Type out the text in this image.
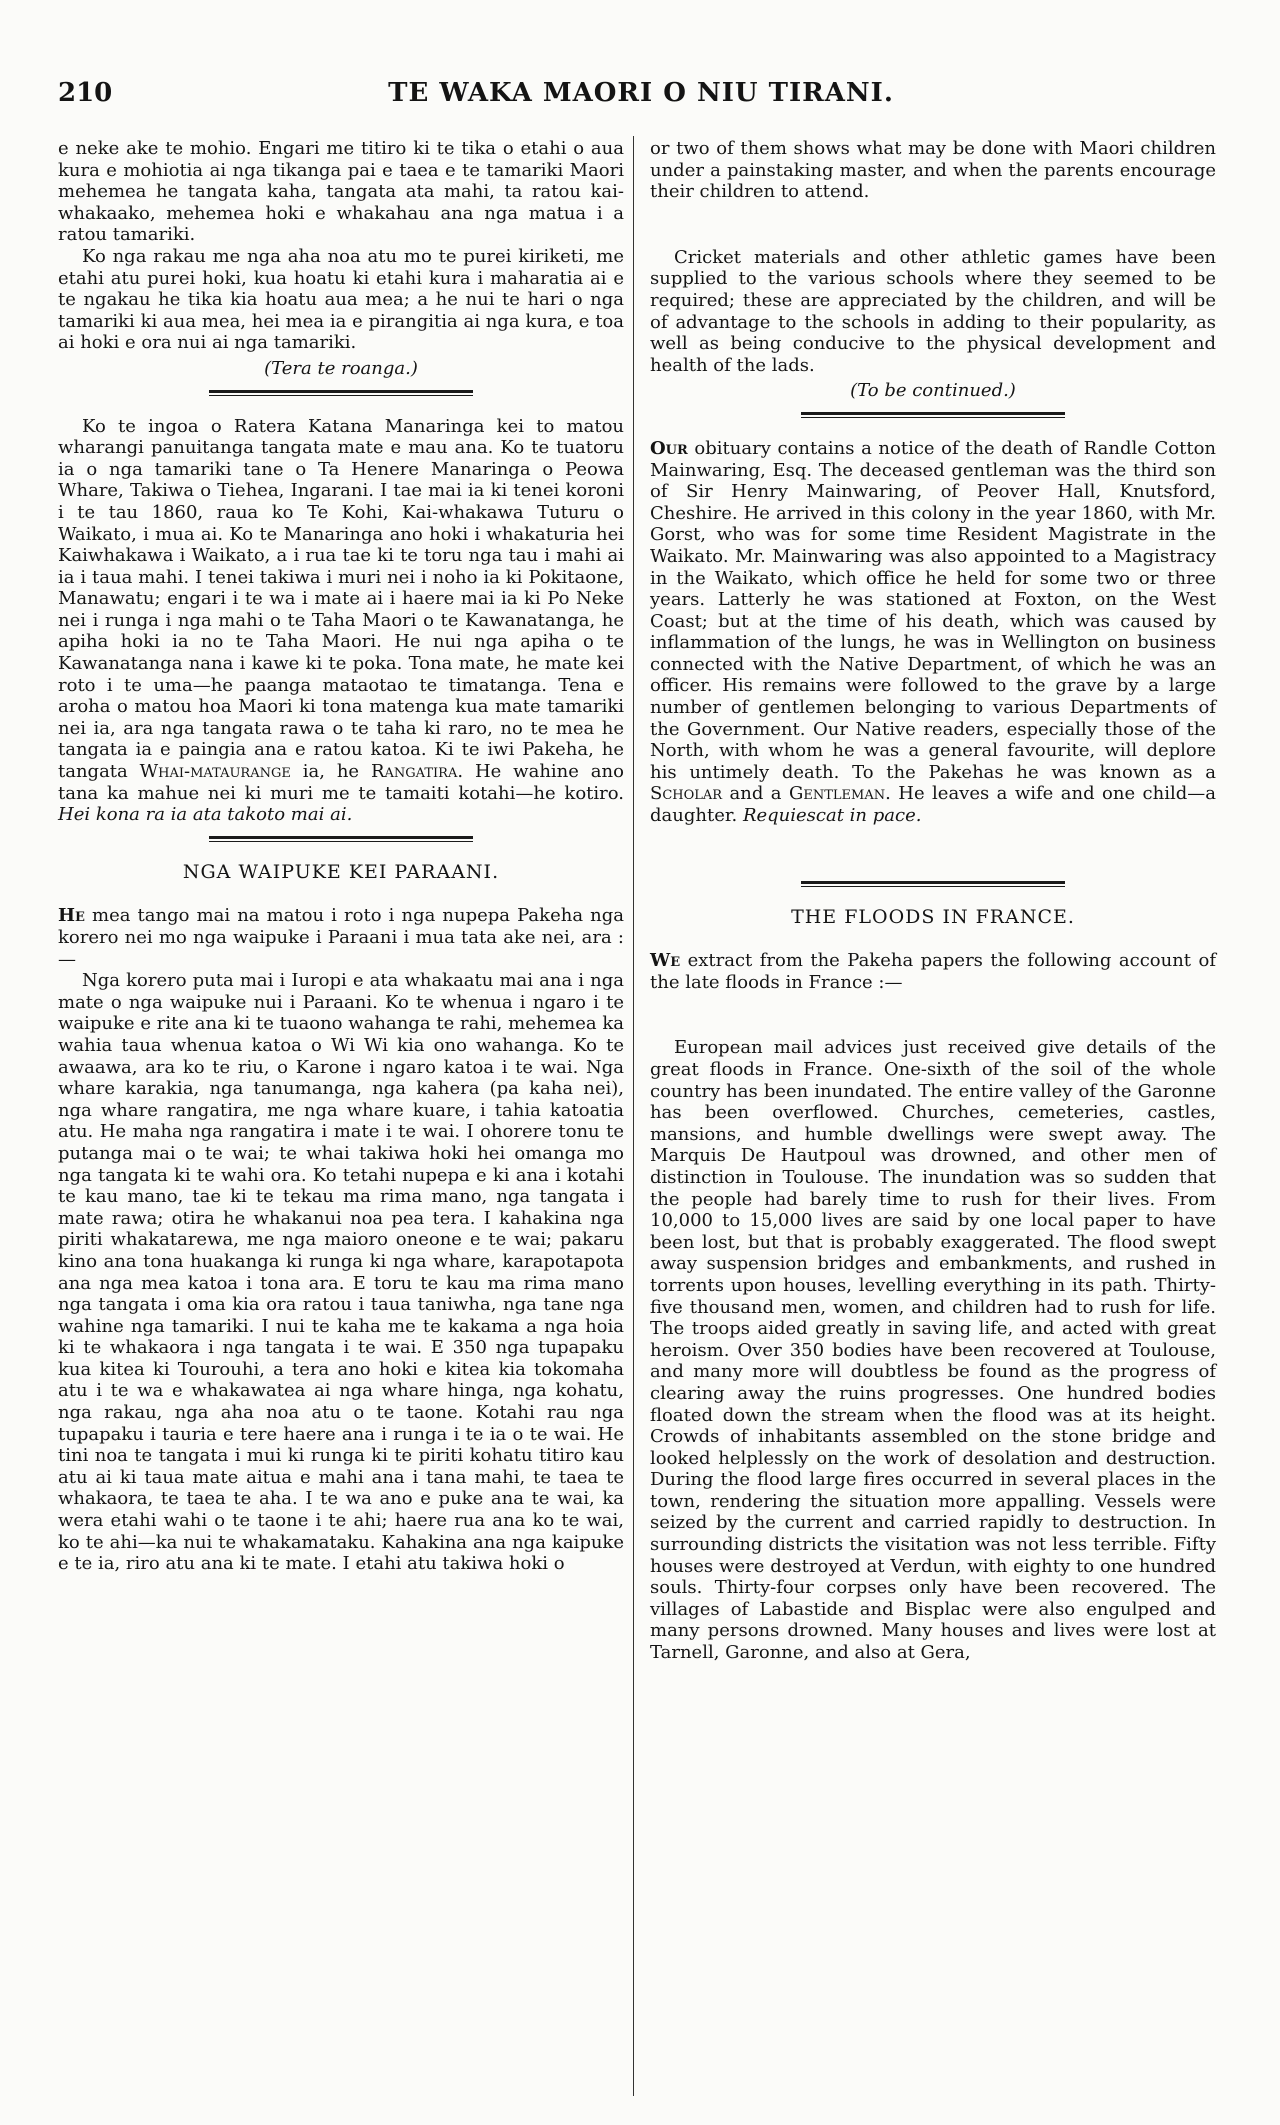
210	TE WAKA MAORI O NIU TIRANI.

e neke ake te mohio. Engari me titiro ki te tika o etahi o aua kura e mohiotia ai nga tikanga pai e taea e te tamariki Maori mehemea he tangata kaha, tangata ata mahi, ta ratou kai-whakaako, mehemea hoki e whakahau ana nga matua i a ratou tamariki.

Ko nga rakau me nga aha noa atu mo te purei kiriketi, me etahi atu purei hoki, kua hoatu ki etahi kura i maharatia ai e te ngakau he tika kia hoatu aua mea; a he nui te hari o nga tamariki ki aua mea, hei mea ia e pirangitia ai nga kura, e toa ai hoki e ora nui ai nga tamariki.

(Tera te roanga.)

Ko te ingoa o Ratera Katana Manaringa kei to matou wharangi panuitanga tangata mate e mau ana. Ko te tuatoru ia o nga tamariki tane o Ta Henere Manaringa o Peowa Whare, Takiwa o Tiehea, Ingarani. I tae mai ia ki tenei koroni i te tau 1860, raua ko Te Kohi, Kai-whakawa Tuturu o Waikato, i mua ai. Ko te Manaringa ano hoki i whakaturia hei Kaiwhakawa i Waikato, a i rua tae ki te toru nga tau i mahi ai ia i taua mahi. I tenei takiwa i muri nei i noho ia ki Pokitaone, Manawatu; engari i te wa i mate ai i haere mai ia ki Po Neke nei i runga i nga mahi o te Taha Maori o te Kawanatanga, he apiha hoki ia no te Taha Maori. He nui nga apiha o te Kawanatanga nana i kawe ki te poka. Tona mate, he mate kei roto i te uma—he paanga mataotao te timatanga. Tena e aroha o matou hoa Maori ki tona matenga kua mate tamariki nei ia, ara nga tangata rawa o te taha ki raro, no te mea he tangata ia e paingia ana e ratou katoa. Ki te iwi Pakeha, he tangata Whai-mataurange ia, he Rangatira. He wahine ano tana ka mahue nei ki muri me te tamaiti kotahi—he kotiro. Hei kona ra ia ata takoto mai ai.

NGA WAIPUKE KEI PARAANI.

He mea tango mai na matou i roto i nga nupepa Pakeha nga korero nei mo nga waipuke i Paraani i mua tata ake nei, ara :—

Nga korero puta mai i Iuropi e ata whakaatu mai ana i nga mate o nga waipuke nui i Paraani. Ko te whenua i ngaro i te waipuke e rite ana ki te tuaono wahanga te rahi, mehemea ka wahia taua whenua katoa o Wi Wi kia ono wahanga. Ko te awaawa, ara ko te riu, o Karone i ngaro katoa i te wai. Nga whare karakia, nga tanumanga, nga kahera (pa kaha nei), nga whare rangatira, me nga whare kuare, i tahia katoatia atu. He maha nga rangatira i mate i te wai. I ohorere tonu te putanga mai o te wai; te whai takiwa hoki hei omanga mo nga tangata ki te wahi ora. Ko tetahi nupepa e ki ana i kotahi te kau mano, tae ki te tekau ma rima mano, nga tangata i mate rawa; otira he whakanui noa pea tera. I kahakina nga piriti whakatarewa, me nga maioro oneone e te wai; pakaru kino ana tona huakanga ki runga ki nga whare, karapotapota ana nga mea katoa i tona ara. E toru te kau ma rima mano nga tangata i oma kia ora ratou i taua taniwha, nga tane nga wahine nga tamariki. I nui te kaha me te kakama a nga hoia ki te whakaora i nga tangata i te wai. E 350 nga tupapaku kua kitea ki Tourouhi, a tera ano hoki e kitea kia tokomaha atu i te wa e whakawatea ai nga whare hinga, nga kohatu, nga rakau, nga aha noa atu o te taone. Kotahi rau nga tupapaku i tauria e tere haere ana i runga i te ia o te wai. He tini noa te tangata i mui ki runga ki te piriti kohatu titiro kau atu ai ki taua mate aitua e mahi ana i tana mahi, te taea te whakaora, te taea te aha. I te wa ano e puke ana te wai, ka wera etahi wahi o te taone i te ahi; haere rua ana ko te wai, ko te ahi—ka nui te whakamataku. Kahakina ana nga kaipuke e te ia, riro atu ana ki te mate. I etahi atu takiwa hoki o

or two of them shows what may be done with Maori children under a painstaking master, and when the parents encourage their children to attend.

Cricket materials and other athletic games have been supplied to the various schools where they seemed to be required; these are appreciated by the children, and will be of advantage to the schools in adding to their popularity, as well as being conducive to the physical development and health of the lads.

(To be continued.)

Our obituary contains a notice of the death of Randle Cotton Mainwaring, Esq. The deceased gentleman was the third son of Sir Henry Mainwaring, of Peover Hall, Knutsford, Cheshire. He arrived in this colony in the year 1860, with Mr. Gorst, who was for some time Resident Magistrate in the Waikato. Mr. Mainwaring was also appointed to a Magistracy in the Waikato, which office he held for some two or three years. Latterly he was stationed at Foxton, on the West Coast; but at the time of his death, which was caused by inflammation of the lungs, he was in Wellington on business connected with the Native Department, of which he was an officer. His remains were followed to the grave by a large number of gentlemen belonging to various Departments of the Government. Our Native readers, especially those of the North, with whom he was a general favourite, will deplore his untimely death. To the Pakehas he was known as a Scholar and a Gentleman. He leaves a wife and one child—a daughter. Requiescat in pace.

THE FLOODS IN FRANCE.

We extract from the Pakeha papers the following account of the late floods in France :—

European mail advices just received give details of the great floods in France. One-sixth of the soil of the whole country has been inundated. The entire valley of the Garonne has been overflowed. Churches, cemeteries, castles, mansions, and humble dwellings were swept away. The Marquis De Hautpoul was drowned, and other men of distinction in Toulouse. The inundation was so sudden that the people had barely time to rush for their lives. From 10,000 to 15,000 lives are said by one local paper to have been lost, but that is probably exaggerated. The flood swept away suspension bridges and embankments, and rushed in torrents upon houses, levelling everything in its path. Thirty-five thousand men, women, and children had to rush for life. The troops aided greatly in saving life, and acted with great heroism. Over 350 bodies have been recovered at Toulouse, and many more will doubtless be found as the progress of clearing away the ruins progresses. One hundred bodies floated down the stream when the flood was at its height. Crowds of inhabitants assembled on the stone bridge and looked helplessly on the work of desolation and destruction. During the flood large fires occurred in several places in the town, rendering the situation more appalling. Vessels were seized by the current and carried rapidly to destruction. In surrounding districts the visitation was not less terrible. Fifty houses were destroyed at Verdun, with eighty to one hundred souls. Thirty-four corpses only have been recovered. The villages of Labastide and Bisplac were also engulped and many persons drowned. Many houses and lives were lost at Tarnell, Garonne, and also at Gera,
